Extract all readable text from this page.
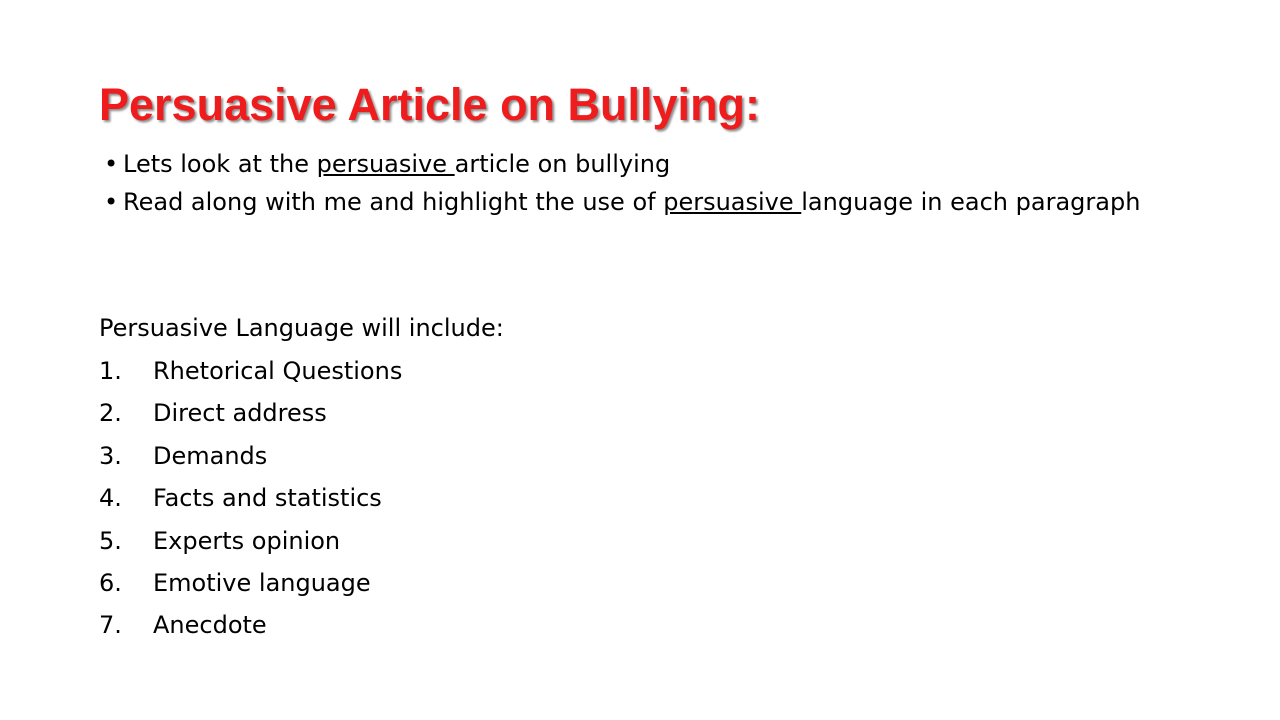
Persuasive Article on Bullying:
• Lets look at the persuasive article on bullying
• Read along with me and highlight the use of persuasive language in each paragraph

Persuasive Language will include:

1. Rhetorical Questions
2. Direct address
3. Demands
4. Facts and statistics
5. Experts opinion
6. Emotive language
7. Anecdote
